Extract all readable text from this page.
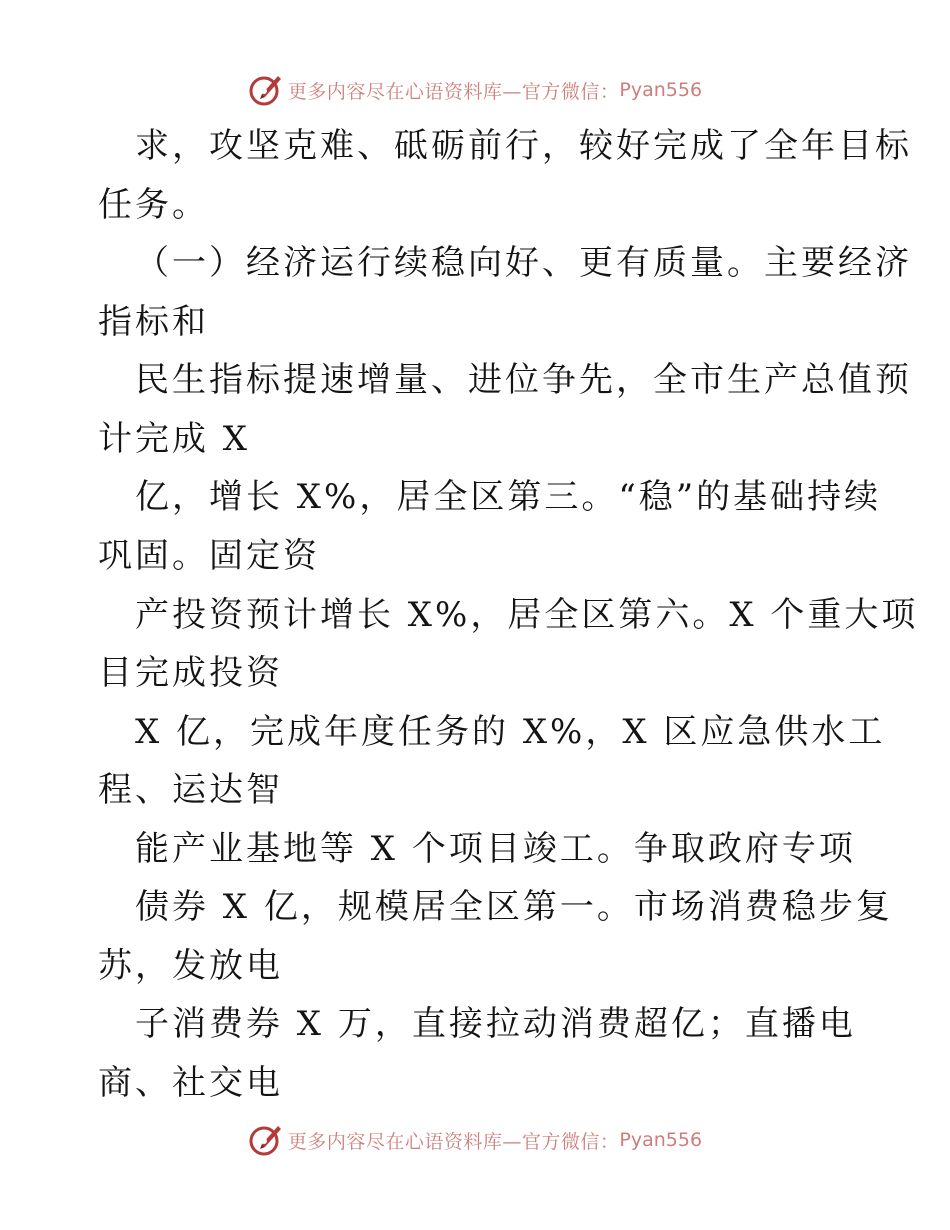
更多内容尽在心语资料库—官方微信： Pyan556
求，攻坚克难、砥砺前行，较好完成了全年目标
任务。
（一）经济运行续稳向好、更有质量。主要经济
指标和
民生指标提速增量、进位争先，全市生产总值预
计完成 X
亿，增长 X%，居全区第三。“稳”的基础持续
巩固。固定资
产投资预计增长 X%，居全区第六。X 个重大项
目完成投资
X 亿，完成年度任务的 X%，X 区应急供水工
程、运达智
能产业基地等 X 个项目竣工。争取政府专项
债券 X 亿，规模居全区第一。市场消费稳步复
苏，发放电
子消费券 X 万，直接拉动消费超亿；直播电
商、社交电
更多内容尽在心语资料库—官方微信： Pyan556
